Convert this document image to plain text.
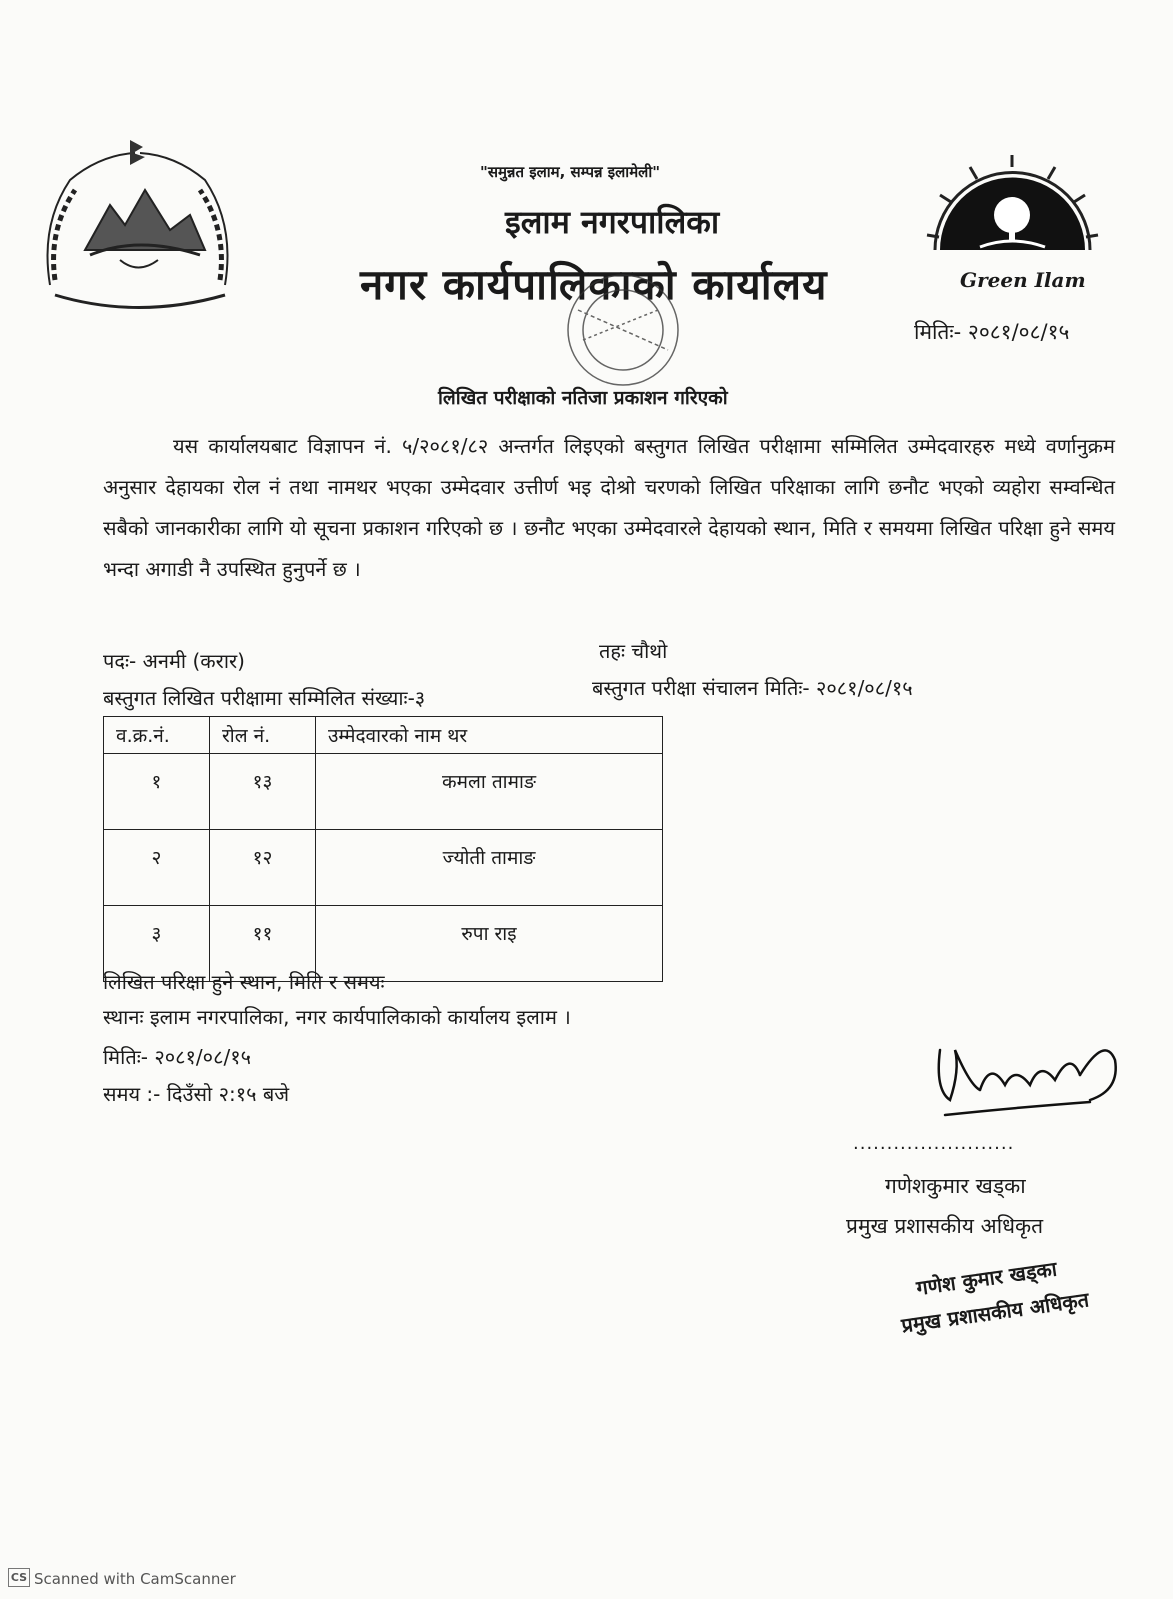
Green Ilam
"समुन्नत इलाम, सम्पन्न इलामेली"
इलाम नगरपालिका
नगर कार्यपालिकाको कार्यालय
मितिः- २०८१/०८/१५
लिखित परीक्षाको नतिजा प्रकाशन गरिएको
यस कार्यालयबाट विज्ञापन नं. ५/२०८१/८२ अन्तर्गत लिइएको बस्तुगत लिखित परीक्षामा सम्मिलित उम्मेदवारहरु मध्ये वर्णानुक्रम अनुसार देहायका रोल नं तथा नामथर भएका उम्मेदवार उत्तीर्ण भइ दोश्रो चरणको लिखित परिक्षाका लागि छनौट भएको व्यहोरा सम्वन्धित सबैको जानकारीका लागि यो सूचना प्रकाशन गरिएको छ । छनौट भएका उम्मेदवारले देहायको स्थान, मिति र समयमा लिखित परिक्षा हुने समय भन्दा अगाडी नै उपस्थित हुनुपर्ने छ ।
पदः- अनमी (करार)	तहः चौथो
बस्तुगत लिखित परीक्षामा सम्मिलित संख्याः-३	बस्तुगत परीक्षा संचालन मितिः- २०८१/०८/१५
व.क्र.नं.	रोल नं.	उम्मेदवारको नाम थर
१	१३	कमला तामाङ
२	१२	ज्योती तामाङ
३	११	रुपा राइ
लिखित परिक्षा हुने स्थान, मिति र समयः
स्थानः इलाम नगरपालिका, नगर कार्यपालिकाको कार्यालय इलाम ।
मितिः- २०८१/०८/१५
समय :- दिउँसो २:१५ बजे
........................
गणेशकुमार खड्का
प्रमुख प्रशासकीय अधिकृत
गणेश कुमार खड्का
प्रमुख प्रशासकीय अधिकृत
CS Scanned with CamScanner
